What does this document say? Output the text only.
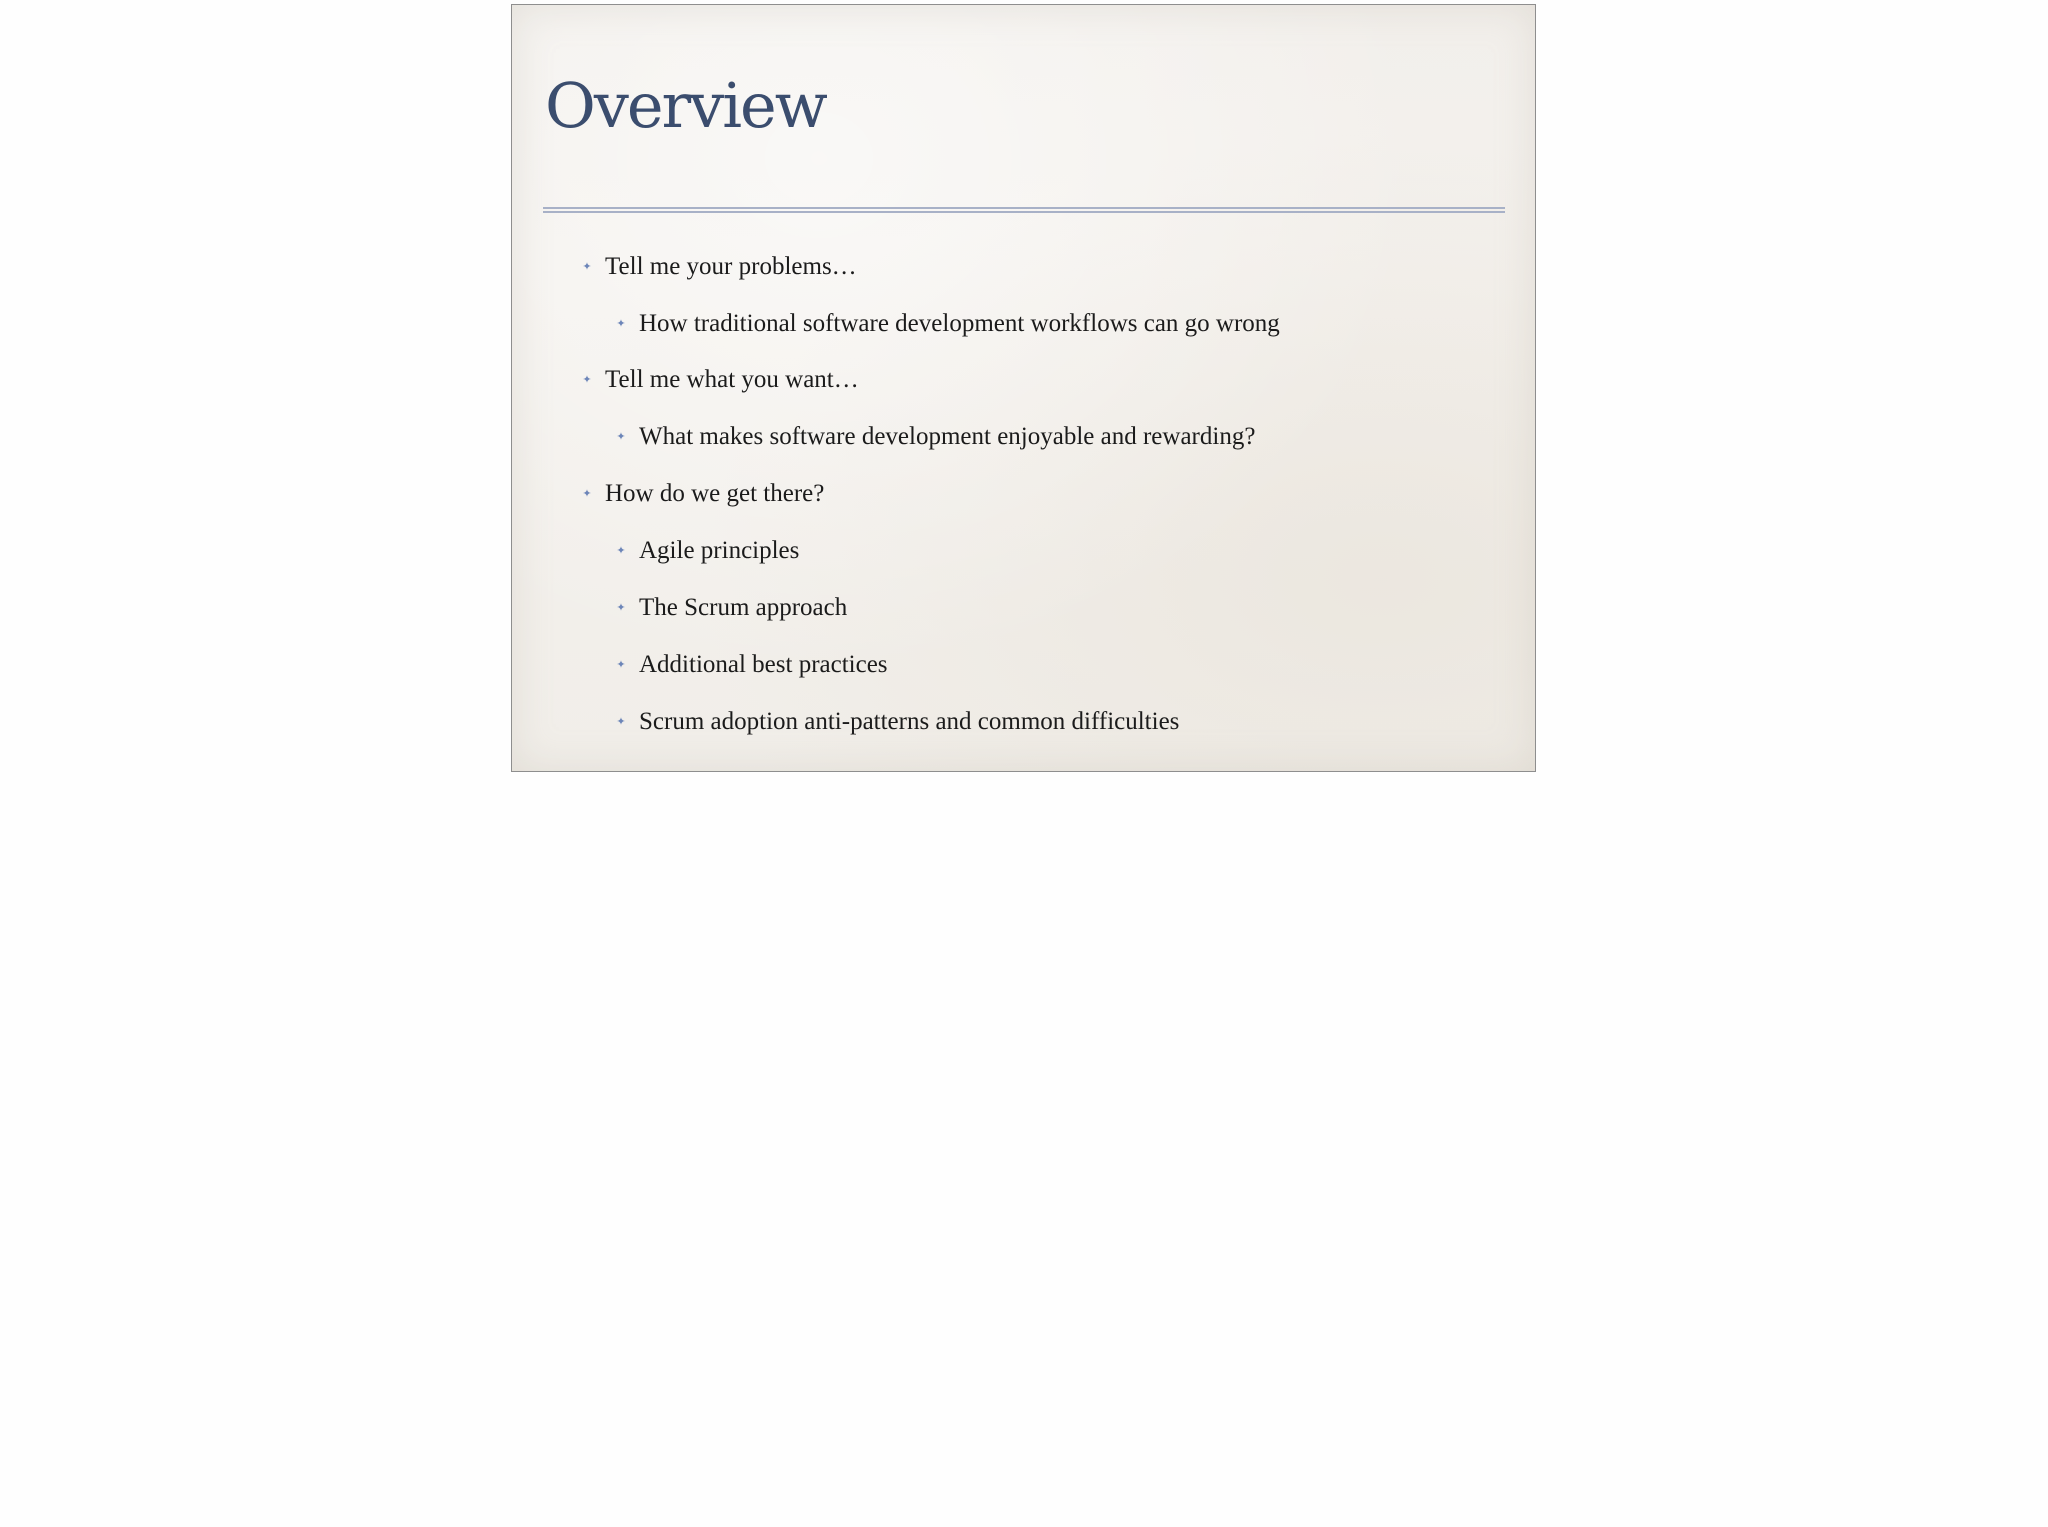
Overview
✦ Tell me your problems…
✦ How traditional software development workflows can go wrong
✦ Tell me what you want…
✦ What makes software development enjoyable and rewarding?
✦ How do we get there?
✦ Agile principles
✦ The Scrum approach
✦ Additional best practices
✦ Scrum adoption anti-patterns and common difficulties
